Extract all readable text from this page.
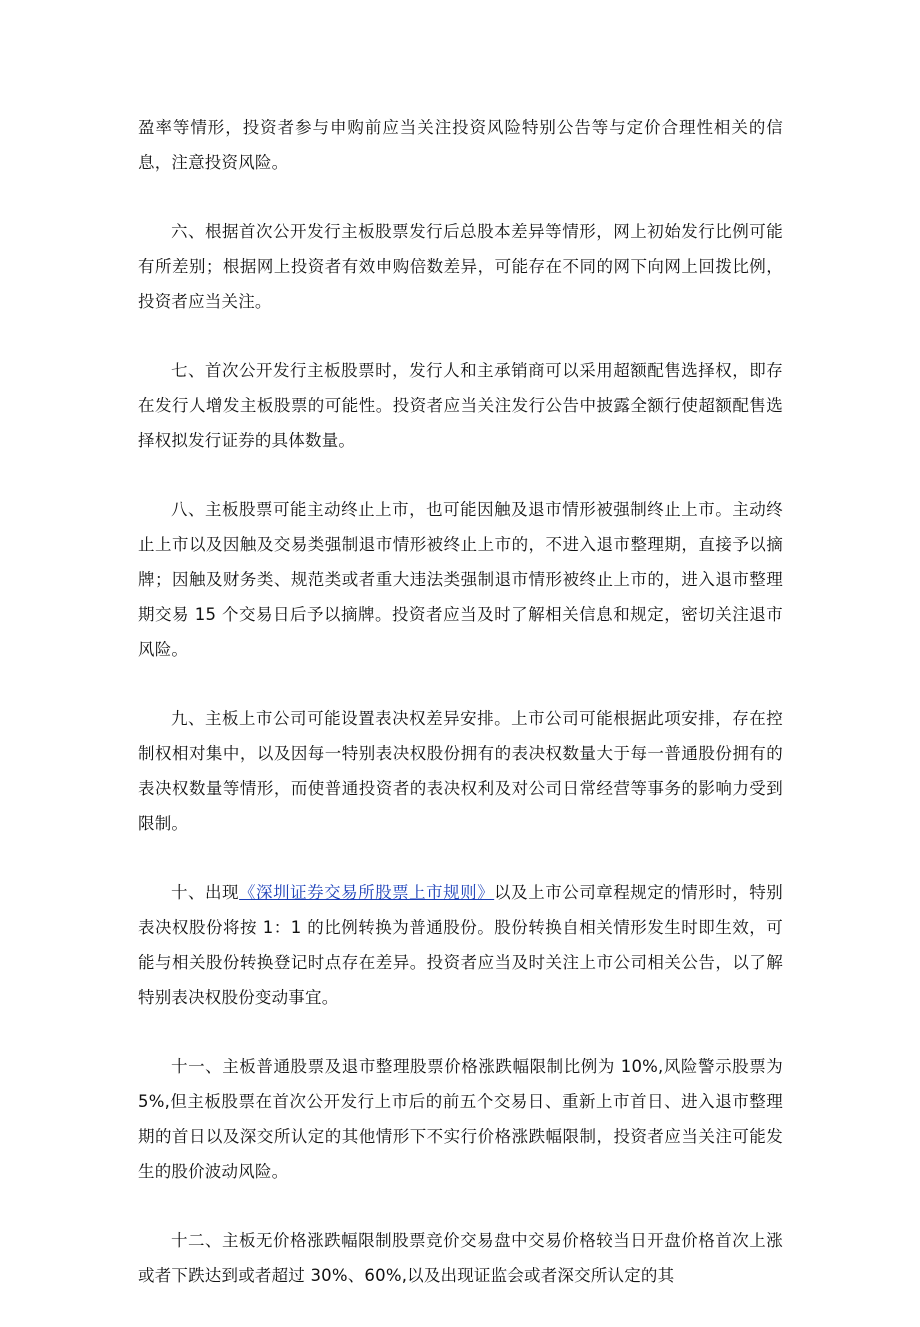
盈率等情形，投资者参与申购前应当关注投资风险特别公告等与定价合理性相关的信息，注意投资风险。

六、根据首次公开发行主板股票发行后总股本差异等情形，网上初始发行比例可能有所差别；根据网上投资者有效申购倍数差异，可能存在不同的网下向网上回拨比例，投资者应当关注。

七、首次公开发行主板股票时，发行人和主承销商可以采用超额配售选择权，即存在发行人增发主板股票的可能性。投资者应当关注发行公告中披露全额行使超额配售选择权拟发行证券的具体数量。

八、主板股票可能主动终止上市，也可能因触及退市情形被强制终止上市。主动终止上市以及因触及交易类强制退市情形被终止上市的，不进入退市整理期，直接予以摘牌；因触及财务类、规范类或者重大违法类强制退市情形被终止上市的，进入退市整理期交易 15 个交易日后予以摘牌。投资者应当及时了解相关信息和规定，密切关注退市风险。

九、主板上市公司可能设置表决权差异安排。上市公司可能根据此项安排，存在控制权相对集中，以及因每一特别表决权股份拥有的表决权数量大于每一普通股份拥有的表决权数量等情形，而使普通投资者的表决权利及对公司日常经营等事务的影响力受到限制。

十、出现《深圳证券交易所股票上市规则》以及上市公司章程规定的情形时，特别表决权股份将按 1：1 的比例转换为普通股份。股份转换自相关情形发生时即生效，可能与相关股份转换登记时点存在差异。投资者应当及时关注上市公司相关公告，以了解特别表决权股份变动事宜。

十一、主板普通股票及退市整理股票价格涨跌幅限制比例为 10%,风险警示股票为 5%,但主板股票在首次公开发行上市后的前五个交易日、重新上市首日、进入退市整理期的首日以及深交所认定的其他情形下不实行价格涨跌幅限制，投资者应当关注可能发生的股价波动风险。

十二、主板无价格涨跌幅限制股票竞价交易盘中交易价格较当日开盘价格首次上涨或者下跌达到或者超过 30%、60%,以及出现证监会或者深交所认定的其
